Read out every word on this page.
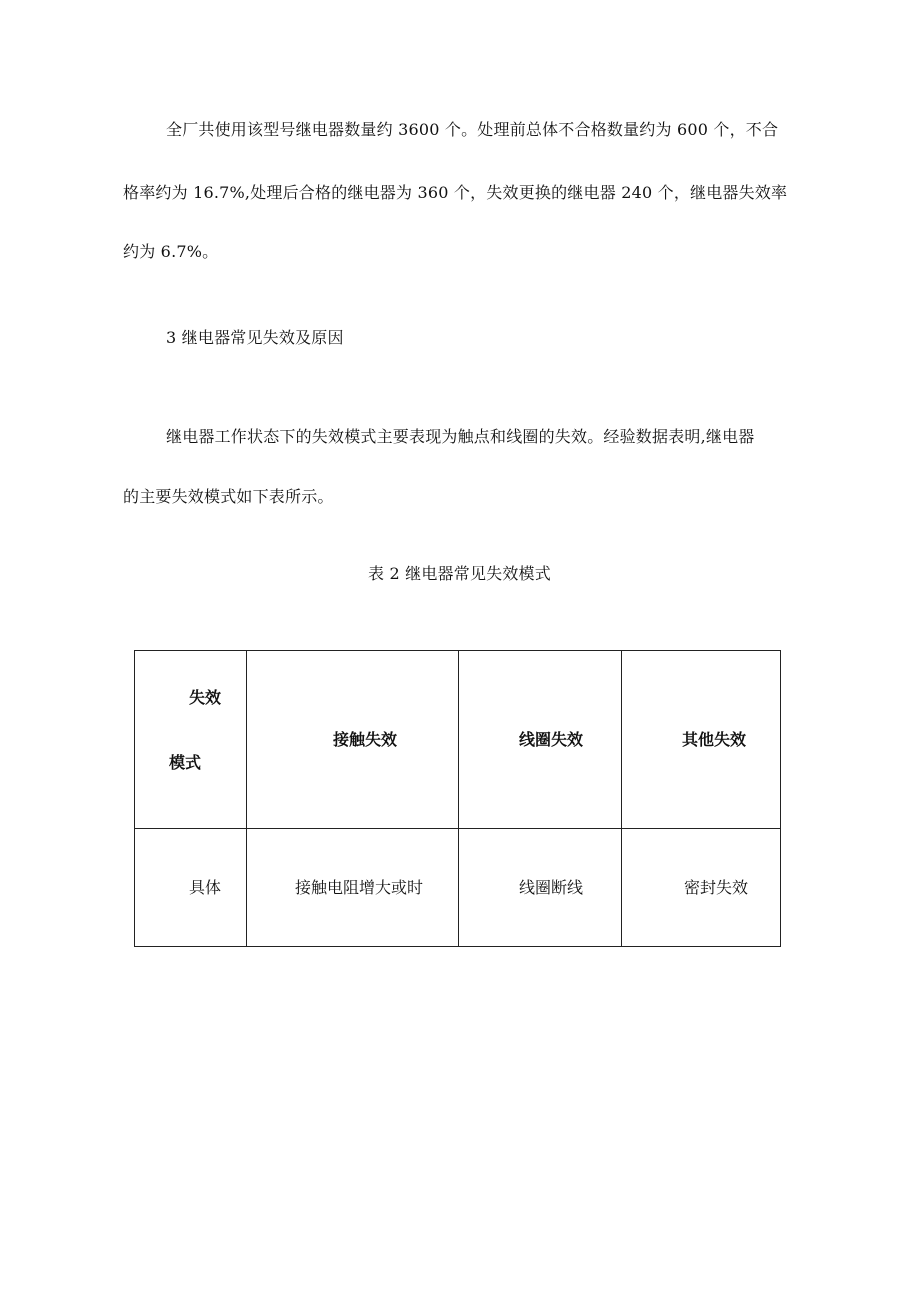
全厂共使用该型号继电器数量约 3600 个。处理前总体不合格数量约为 600 个，不合
格率约为 16.7%,处理后合格的继电器为 360 个，失效更换的继电器 240 个，继电器失效率
约为 6.7%。
3 继电器常见失效及原因
继电器工作状态下的失效模式主要表现为触点和线圈的失效。经验数据表明,继电器
的主要失效模式如下表所示。
表 2 继电器常见失效模式
失效
模式	接触失效	线圈失效	其他失效

具体	接触电阻增大或时	线圈断线	密封失效
